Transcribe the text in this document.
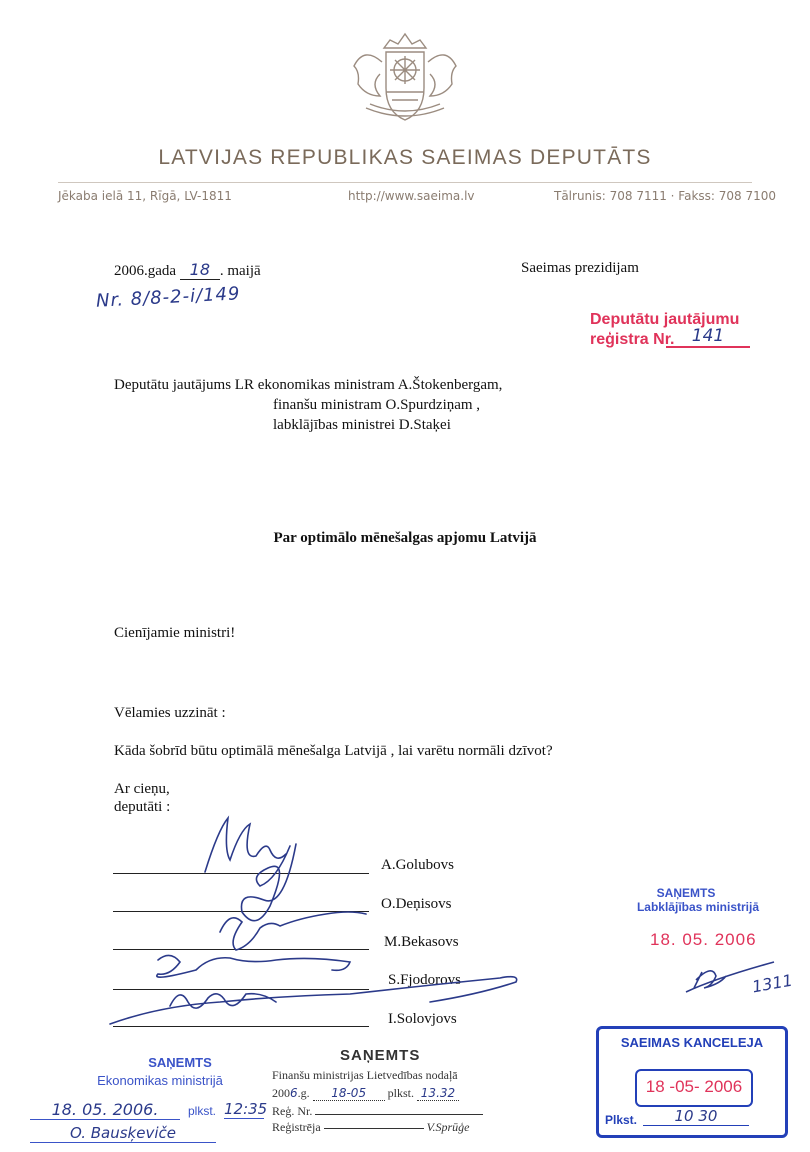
LATVIJAS REPUBLIKAS SAEIMAS DEPUTĀTS
Jēkaba ielā 11, Rīgā, LV-1811	http://www.saeima.lv	Tālrunis: 708 7111 · Fakss: 708 7100
2006.gada 18 . maijā
Nr. 8/8-2-i/149
Saeimas prezidijam
Deputātu jautājumu
reģistra Nr.	141
Deputātu jautājums LR ekonomikas ministram A.Štokenbergam,
finanšu ministram O.Spurdziņam ,
labklājības ministrei D.Staķei
Par optimālo mēnešalgas apjomu Latvijā
Cienījamie ministri!
Vēlamies uzzināt :
Kāda šobrīd būtu optimālā mēnešalga Latvijā , lai varētu normāli dzīvot?
Ar cieņu,
deputāti :
A.Golubovs
O.Deņisovs
M.Bekasovs
S.Fjodorovs
I.Solovjovs
SAŅEMTS
Labklājības ministrijā
18. 05. 2006
1311
SAŅEMTS
Ekonomikas ministrijā
18. 05. 2006.	plkst. 12:35
O. Bausķeviče
SAŅEMTS
Finanšu ministrijas Lietvedības nodaļā
2006.g. 18-05 plkst. 13.32
Reģ. Nr.
Reģistrēja	V.Sprūģe
SAEIMAS KANCELEJA
18 -05- 2006
Plkst.	10 30
